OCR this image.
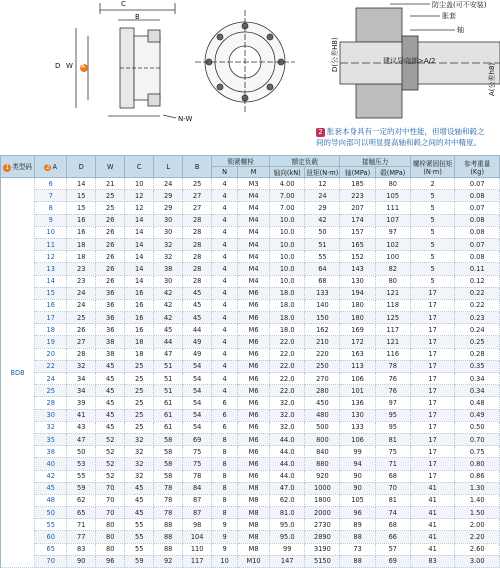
C
B
D W A
N-W
防尘盖(可不安装)
胀套
轴
建议导向部>A/2
D(公差H8)
A(公差h8)
2 胀套本身具有一定的对中性能，但增设轴和毂之
间的导向部可以明显提高轴和毂之间的对中精度。
1 类型码	2 A	D	W	C	L	B	锁紧螺栓		额定负载		接触压力		螺栓紧固扭矩
(N·m)	参考重量
(Kg)
							N	M	轴向(kN)	扭矩(N·m)	轴(MPa)	毂(MPa)		
BDB	6	14	21	10	24	25	4	M3	4.00	12	185	80	2	0.07
	7	15	25	12	29	27	4	M4	7.00	24	223	105	5	0.08
	8	15	25	12	29	27	4	M4	7.00	29	207	111	5	0.07
	9	16	26	14	30	28	4	M4	10.0	42	174	107	5	0.08
	10	16	26	14	30	28	4	M4	10.0	50	157	97	5	0.08
	11	18	26	14	32	28	4	M4	10.0	51	165	102	5	0.07
	12	18	26	14	32	28	4	M4	10.0	55	152	100	5	0.08
	13	23	26	14	38	28	4	M4	10.0	64	143	82	5	0.11
	14	23	26	14	30	28	4	M4	10.0	68	130	80	5	0.12
	15	24	36	16	42	45	4	M6	18.0	133	194	121	17	0.22
	16	24	36	16	42	45	4	M6	18.0	140	180	118	17	0.22
	17	25	36	16	42	45	4	M6	18.0	150	180	125	17	0.23
	18	26	36	16	45	44	4	M6	18.0	162	169	117	17	0.24
	19	27	38	18	44	49	4	M6	22.0	210	172	121	17	0.25
	20	28	38	18	47	49	4	M6	22.0	220	163	116	17	0.28
	22	32	45	25	51	54	4	M6	22.0	250	113	78	17	0.35
	24	34	45	25	51	54	4	M6	22.0	270	106	76	17	0.34
	25	34	45	25	51	54	4	M6	22.0	280	101	76	17	0.34
	28	39	45	25	61	54	6	M6	32.0	450	136	97	17	0.48
	30	41	45	25	61	54	6	M6	32.0	480	130	95	17	0.49
	32	43	45	25	61	54	6	M6	32.0	500	133	95	17	0.50
	35	47	52	32	58	69	8	M6	44.0	800	106	81	17	0.70
	38	50	52	32	58	75	8	M6	44.0	840	99	75	17	0.75
	40	53	52	32	58	75	8	M6	44.0	880	94	71	17	0.80
	42	55	52	32	58	78	8	M6	44.0	920	90	68	17	0.86
	45	59	70	45	78	84	8	M8	47.0	1000	90	70	41	1.30
	48	62	70	45	78	87	8	M8	62.0	1800	105	81	41	1.40
	50	65	70	45	78	87	8	M8	81.0	2000	96	74	41	1.50
	55	71	80	55	88	98	9	M8	95.0	2730	89	68	41	2.00
	60	77	80	55	88	104	9	M8	95.0	2890	88	66	41	2.20
	65	83	80	55	88	110	9	M8	99	3190	73	57	41	2.60
	70	90	96	59	92	117	10	M10	147	5150	88	69	83	3.00
